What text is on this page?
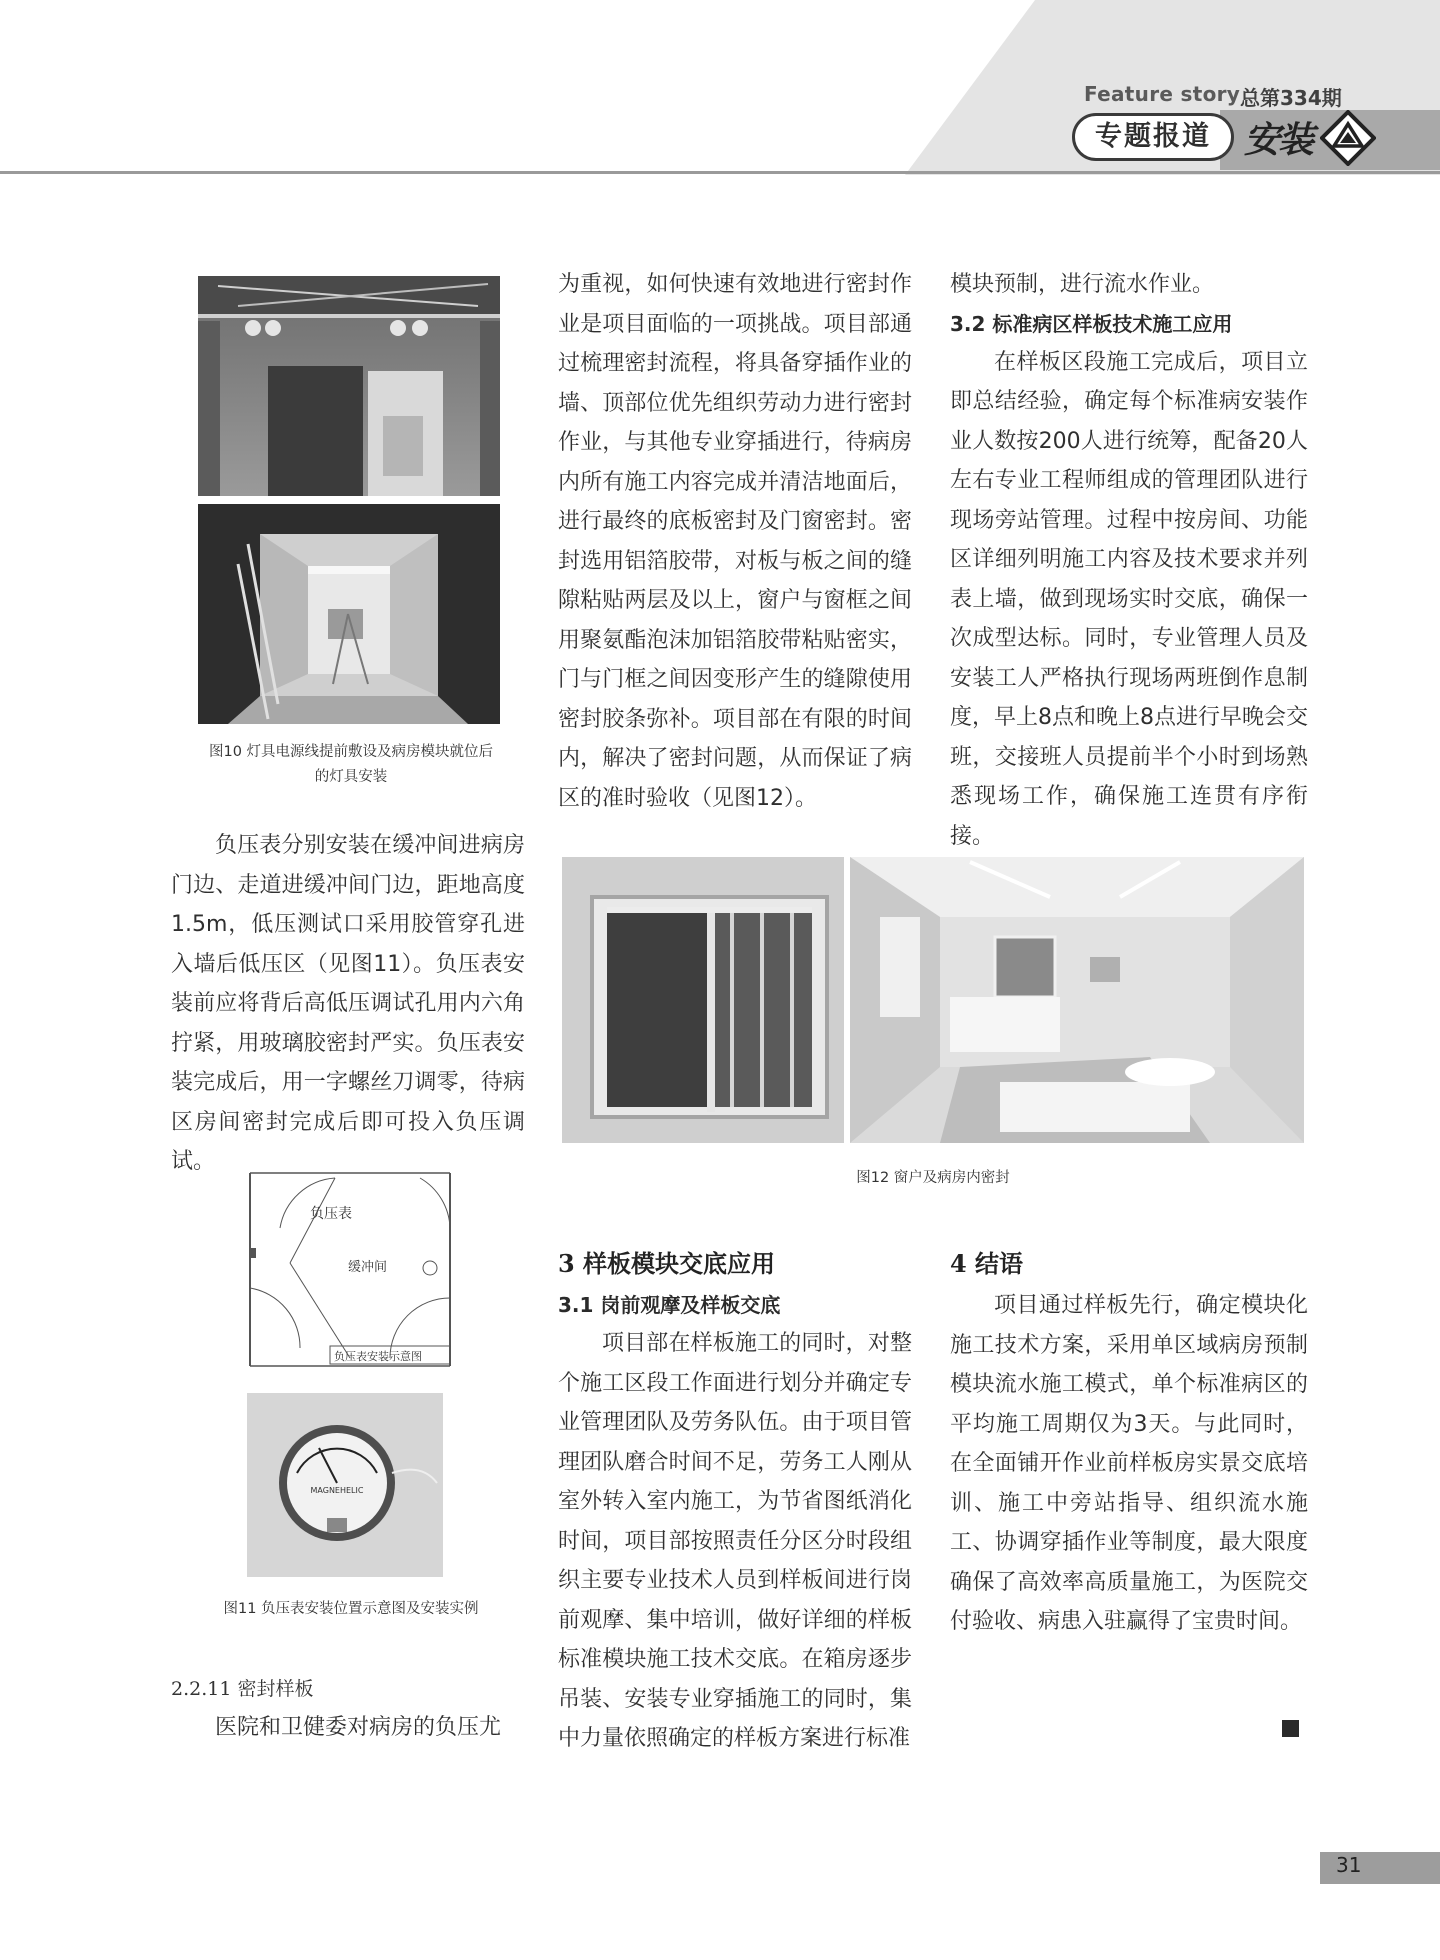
Feature story 总第334期
专题报道 安装
图10 灯具电源线提前敷设及病房模块就位后
的灯具安装

负压表分别安装在缓冲间进病房门边、走道进缓冲间门边，距地高度1.5m，低压测试口采用胶管穿孔进入墙后低压区（见图11）。负压表安装前应将背后高低压调试孔用内六角拧紧，用玻璃胶密封严实。负压表安装完成后，用一字螺丝刀调零，待病区房间密封完成后即可投入负压调试。

负压表
缓冲间
负压表安装示意图
MAGNEHELIC
图11 负压表安装位置示意图及安装实例

2.2.11 密封样板

医院和卫健委对病房的负压尤

为重视，如何快速有效地进行密封作业是项目面临的一项挑战。项目部通过梳理密封流程，将具备穿插作业的墙、顶部位优先组织劳动力进行密封作业，与其他专业穿插进行，待病房内所有施工内容完成并清洁地面后，进行最终的底板密封及门窗密封。密封选用铝箔胶带，对板与板之间的缝隙粘贴两层及以上，窗户与窗框之间用聚氨酯泡沫加铝箔胶带粘贴密实，门与门框之间因变形产生的缝隙使用密封胶条弥补。项目部在有限的时间内，解决了密封问题，从而保证了病区的准时验收（见图12）。

模块预制，进行流水作业。

3.2 标准病区样板技术施工应用

在样板区段施工完成后，项目立即总结经验，确定每个标准病安装作业人数按200人进行统筹，配备20人左右专业工程师组成的管理团队进行现场旁站管理。过程中按房间、功能区详细列明施工内容及技术要求并列表上墙，做到现场实时交底，确保一次成型达标。同时，专业管理人员及安装工人严格执行现场两班倒作息制度，早上8点和晚上8点进行早晚会交班，交接班人员提前半个小时到场熟悉现场工作，确保施工连贯有序衔接。

图12 窗户及病房内密封

3 样板模块交底应用

3.1 岗前观摩及样板交底

项目部在样板施工的同时，对整个施工区段工作面进行划分并确定专业管理团队及劳务队伍。由于项目管理团队磨合时间不足，劳务工人刚从室外转入室内施工，为节省图纸消化时间，项目部按照责任分区分时段组织主要专业技术人员到样板间进行岗前观摩、集中培训，做好详细的样板标准模块施工技术交底。在箱房逐步吊装、安装专业穿插施工的同时，集中力量依照确定的样板方案进行标准

4 结语

项目通过样板先行，确定模块化施工技术方案，采用单区域病房预制模块流水施工模式，单个标准病区的平均施工周期仅为3天。与此同时，在全面铺开作业前样板房实景交底培训、施工中旁站指导、组织流水施工、协调穿插作业等制度，最大限度确保了高效率高质量施工，为医院交付验收、病患入驻赢得了宝贵时间。

31
